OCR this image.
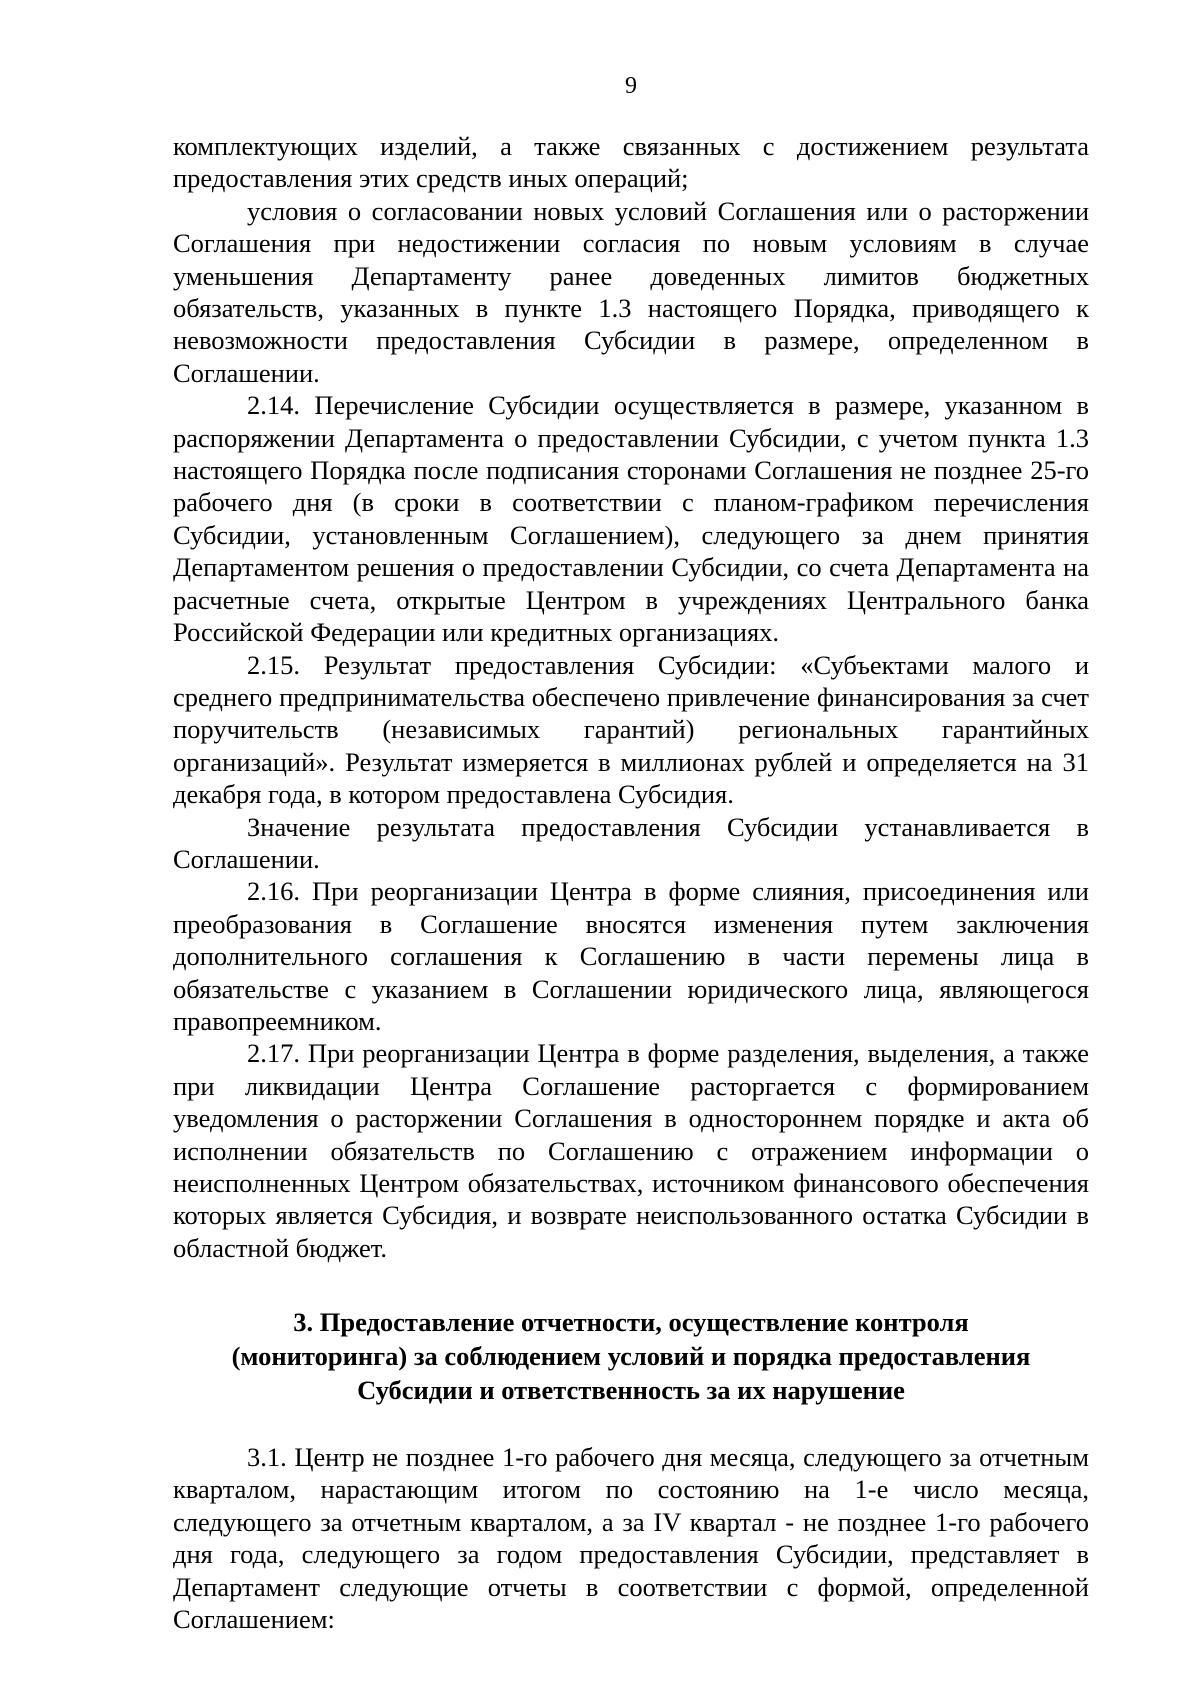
9

комплектующих изделий, а также связанных с достижением результата предоставления этих средств иных операций;

условия о согласовании новых условий Соглашения или о расторжении Соглашения при недостижении согласия по новым условиям в случае уменьшения Департаменту ранее доведенных лимитов бюджетных обязательств, указанных в пункте 1.3 настоящего Порядка, приводящего к невозможности предоставления Субсидии в размере, определенном в Соглашении.

2.14. Перечисление Субсидии осуществляется в размере, указанном в распоряжении Департамента о предоставлении Субсидии, с учетом пункта 1.3 настоящего Порядка после подписания сторонами Соглашения не позднее 25-го рабочего дня (в сроки в соответствии с планом-графиком перечисления Субсидии, установленным Соглашением), следующего за днем принятия Департаментом решения о предоставлении Субсидии, со счета Департамента на расчетные счета, открытые Центром в учреждениях Центрального банка Российской Федерации или кредитных организациях.

2.15. Результат предоставления Субсидии: «Субъектами малого и среднего предпринимательства обеспечено привлечение финансирования за счет поручительств (независимых гарантий) региональных гарантийных организаций». Результат измеряется в миллионах рублей и определяется на 31 декабря года, в котором предоставлена Субсидия.

Значение результата предоставления Субсидии устанавливается в Соглашении.

2.16. При реорганизации Центра в форме слияния, присоединения или преобразования в Соглашение вносятся изменения путем заключения дополнительного соглашения к Соглашению в части перемены лица в обязательстве с указанием в Соглашении юридического лица, являющегося правопреемником.

2.17. При реорганизации Центра в форме разделения, выделения, а также при ликвидации Центра Соглашение расторгается с формированием уведомления о расторжении Соглашения в одностороннем порядке и акта об исполнении обязательств по Соглашению с отражением информации о неисполненных Центром обязательствах, источником финансового обеспечения которых является Субсидия, и возврате неиспользованного остатка Субсидии в областной бюджет.

3. Предоставление отчетности, осуществление контроля
(мониторинга) за соблюдением условий и порядка предоставления
Субсидии и ответственность за их нарушение

3.1. Центр не позднее 1-го рабочего дня месяца, следующего за отчетным кварталом, нарастающим итогом по состоянию на 1-е число месяца, следующего за отчетным кварталом, а за IV квартал - не позднее 1-го рабочего дня года, следующего за годом предоставления Субсидии, представляет в Департамент следующие отчеты в соответствии с формой, определенной Соглашением:
